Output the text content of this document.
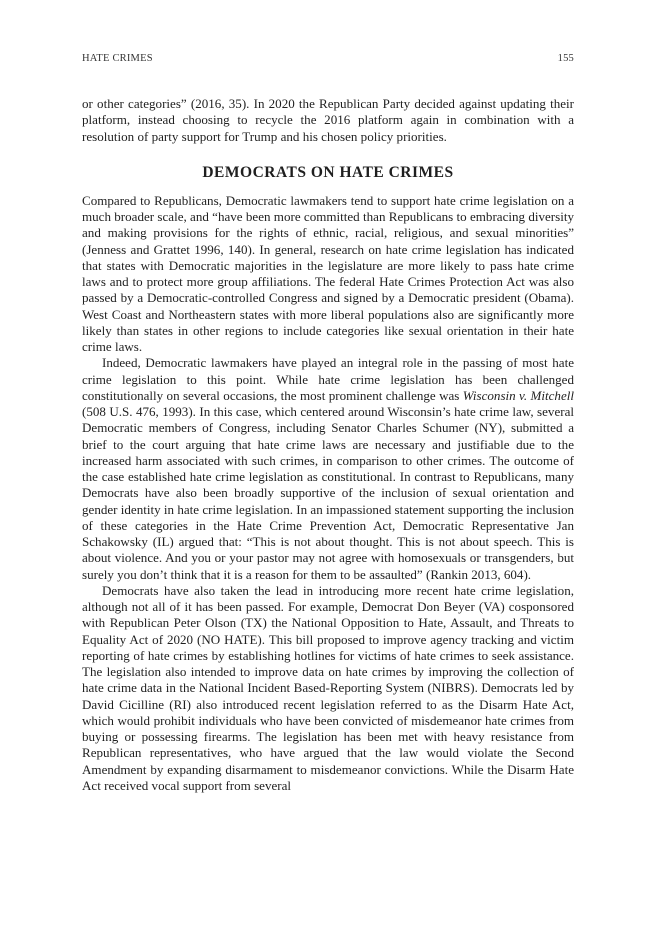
HATE CRIMES	155

or other categories” (2016, 35). In 2020 the Republican Party decided against updating their platform, instead choosing to recycle the 2016 platform again in combination with a resolution of party support for Trump and his chosen policy priorities.

DEMOCRATS ON HATE CRIMES

Compared to Republicans, Democratic lawmakers tend to support hate crime legislation on a much broader scale, and “have been more committed than Republicans to embracing diversity and making provisions for the rights of ethnic, racial, religious, and sexual minorities” (Jenness and Grattet 1996, 140). In general, research on hate crime legislation has indicated that states with Democratic majorities in the legislature are more likely to pass hate crime laws and to protect more group affiliations. The federal Hate Crimes Protection Act was also passed by a Democratic-controlled Congress and signed by a Democratic president (Obama). West Coast and Northeastern states with more liberal populations also are significantly more likely than states in other regions to include categories like sexual orientation in their hate crime laws.

Indeed, Democratic lawmakers have played an integral role in the passing of most hate crime legislation to this point. While hate crime legislation has been challenged constitutionally on several occasions, the most prominent challenge was Wisconsin v. Mitchell (508 U.S. 476, 1993). In this case, which centered around Wisconsin’s hate crime law, several Democratic members of Congress, including Senator Charles Schumer (NY), submitted a brief to the court arguing that hate crime laws are necessary and justifiable due to the increased harm associated with such crimes, in comparison to other crimes. The outcome of the case established hate crime legislation as constitutional. In contrast to Republicans, many Democrats have also been broadly supportive of the inclusion of sexual orientation and gender identity in hate crime legislation. In an impassioned statement supporting the inclusion of these categories in the Hate Crime Prevention Act, Democratic Representative Jan Schakowsky (IL) argued that: “This is not about thought. This is not about speech. This is about violence. And you or your pastor may not agree with homosexuals or transgenders, but surely you don’t think that it is a reason for them to be assaulted” (Rankin 2013, 604).

Democrats have also taken the lead in introducing more recent hate crime legislation, although not all of it has been passed. For example, Democrat Don Beyer (VA) cosponsored with Republican Peter Olson (TX) the National Opposition to Hate, Assault, and Threats to Equality Act of 2020 (NO HATE). This bill proposed to improve agency tracking and victim reporting of hate crimes by establishing hotlines for victims of hate crimes to seek assistance. The legislation also intended to improve data on hate crimes by improving the collection of hate crime data in the National Incident Based-Reporting System (NIBRS). Democrats led by David Cicilline (RI) also introduced recent legislation referred to as the Disarm Hate Act, which would prohibit individuals who have been convicted of misdemeanor hate crimes from buying or possessing firearms. The legislation has been met with heavy resistance from Republican representatives, who have argued that the law would violate the Second Amendment by expanding disarmament to misdemeanor convictions. While the Disarm Hate Act received vocal support from several
